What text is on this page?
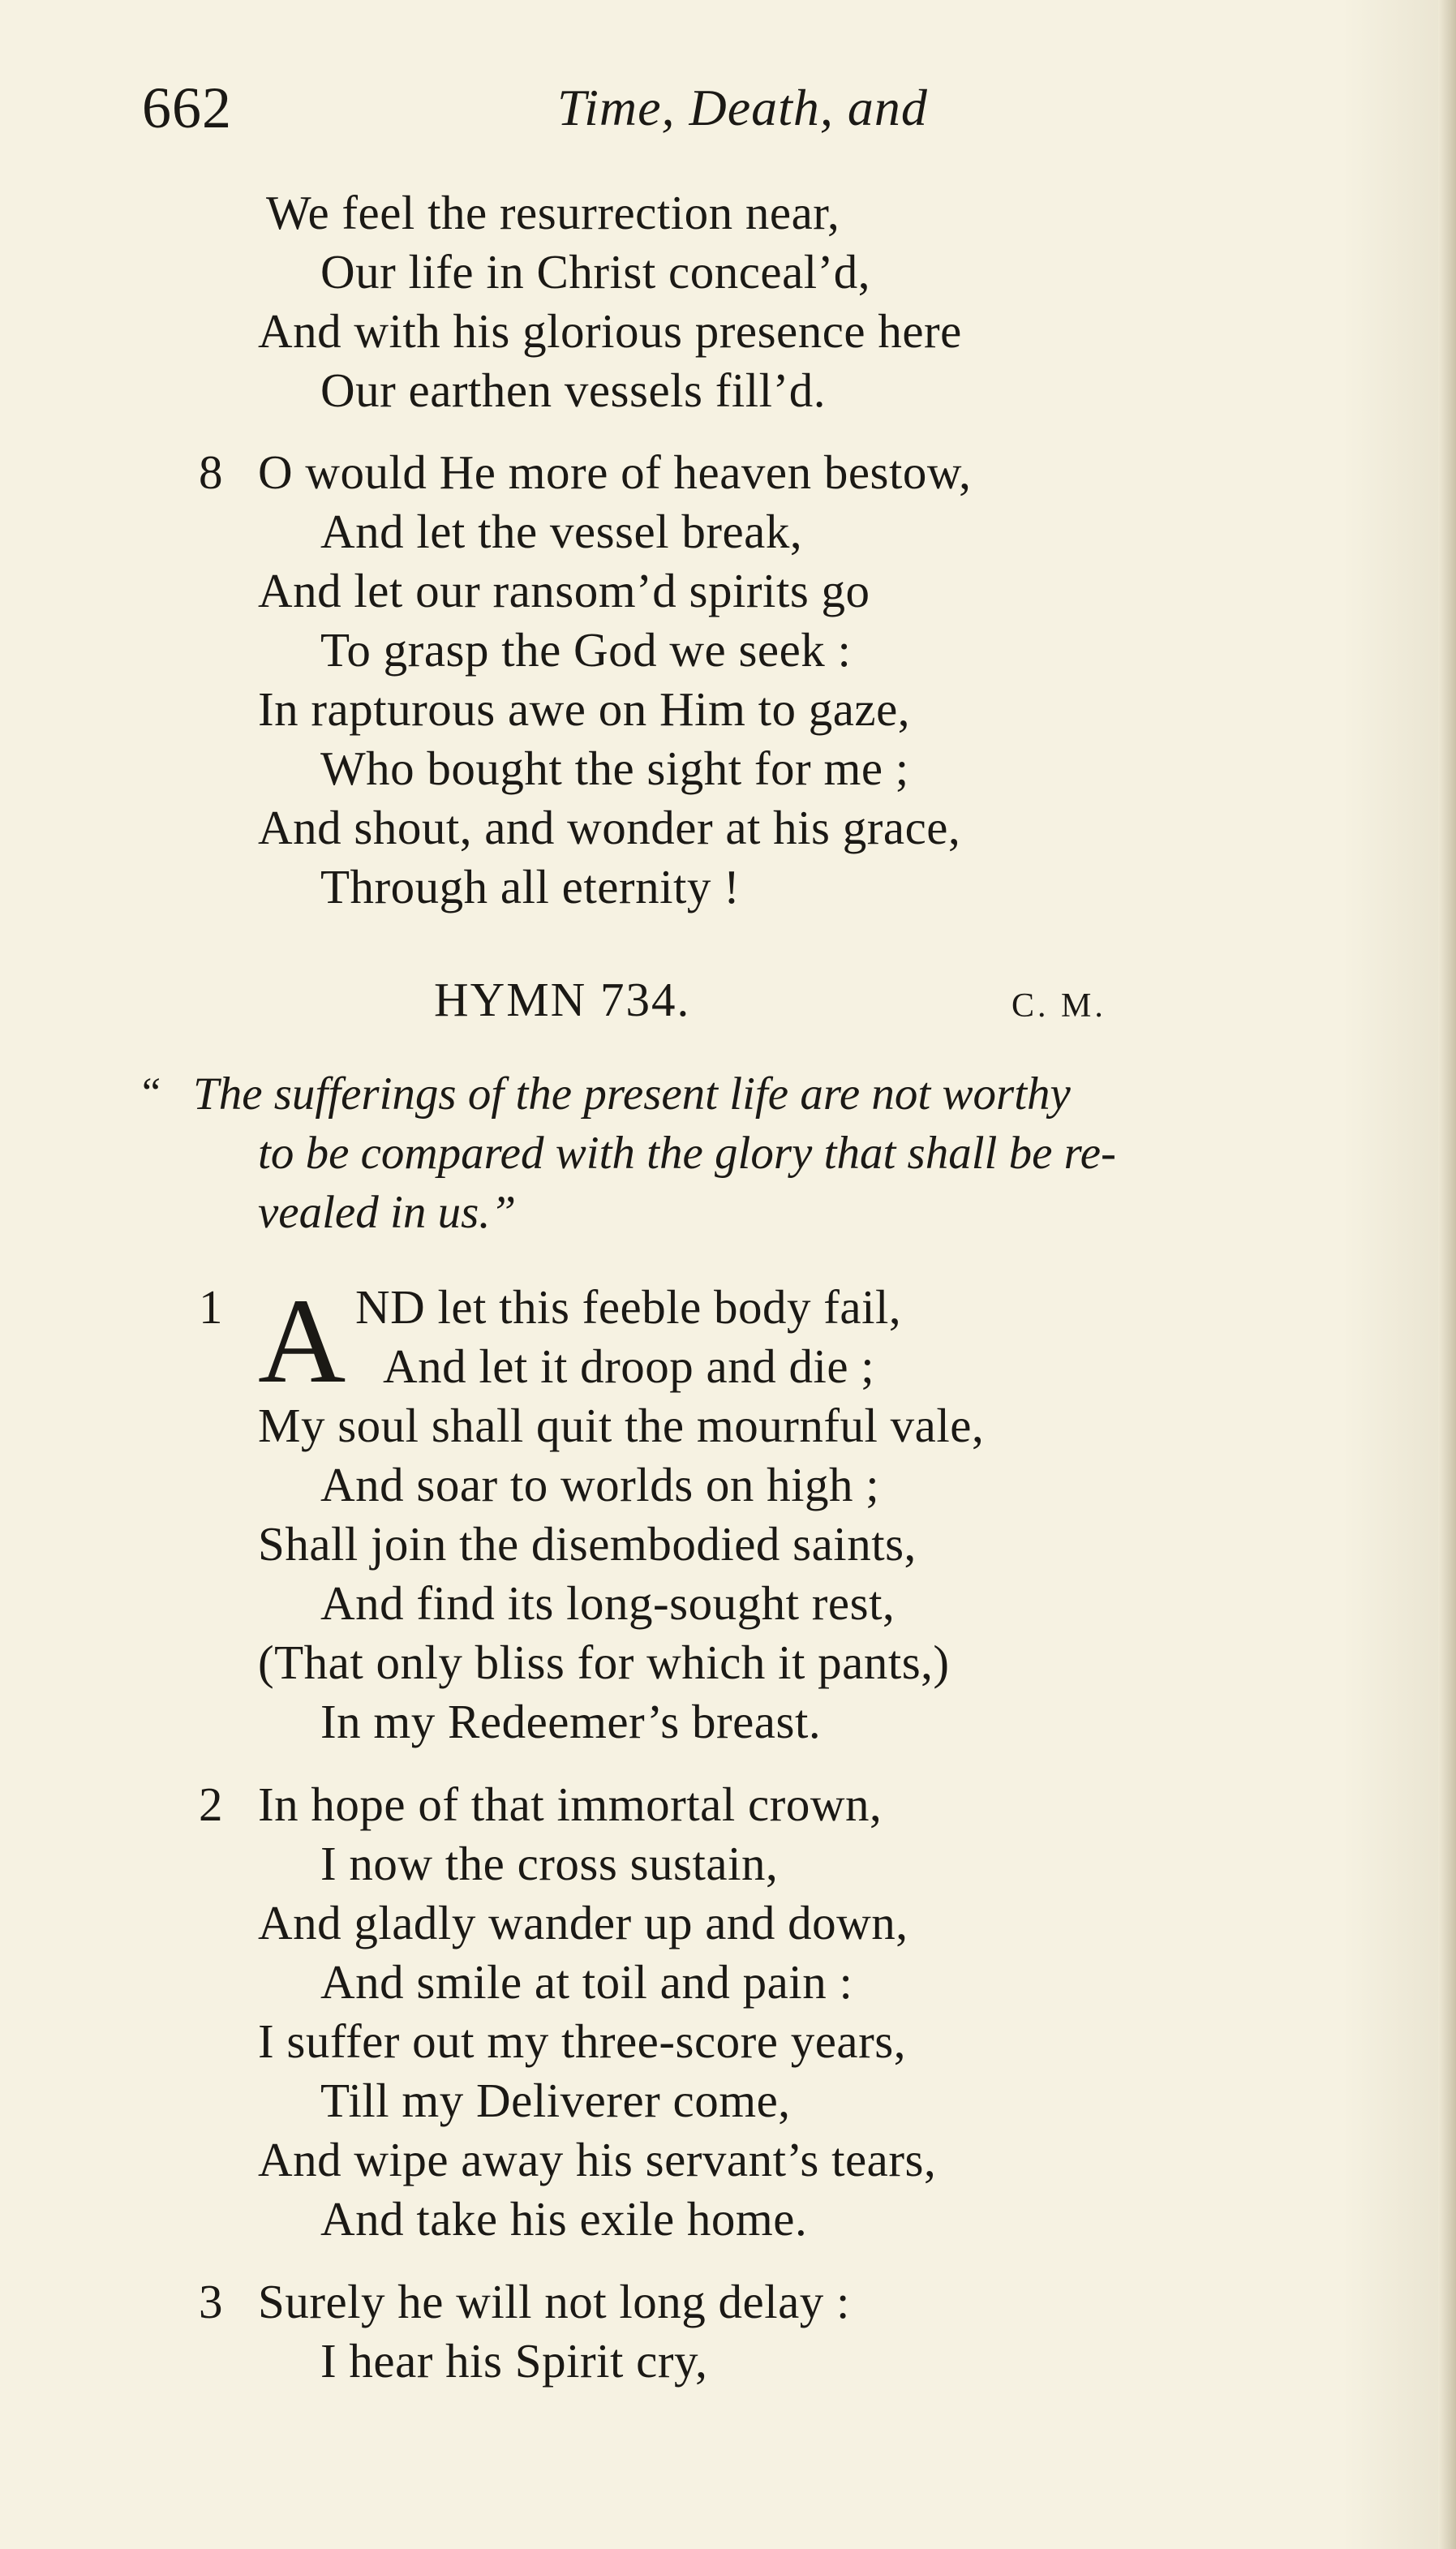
662	Time, Death, and
We feel the resurrection near,
Our life in Christ conceal’d,
And with his glorious presence here
Our earthen vessels fill’d.
8 O would He more of heaven bestow,
And let the vessel break,
And let our ransom’d spirits go
To grasp the God we seek :
In rapturous awe on Him to gaze,
Who bought the sight for me ;
And shout, and wonder at his grace,
Through all eternity !
HYMN 734.	C. M.
“ The sufferings of the present life are not worthy
to be compared with the glory that shall be re-
vealed in us.”
1 A ND let this feeble body fail,
And let it droop and die ;
My soul shall quit the mournful vale,
And soar to worlds on high ;
Shall join the disembodied saints,
And find its long-sought rest,
(That only bliss for which it pants,)
In my Redeemer’s breast.
2 In hope of that immortal crown,
I now the cross sustain,
And gladly wander up and down,
And smile at toil and pain :
I suffer out my three-score years,
Till my Deliverer come,
And wipe away his servant’s tears,
And take his exile home.
3 Surely he will not long delay :
I hear his Spirit cry,
